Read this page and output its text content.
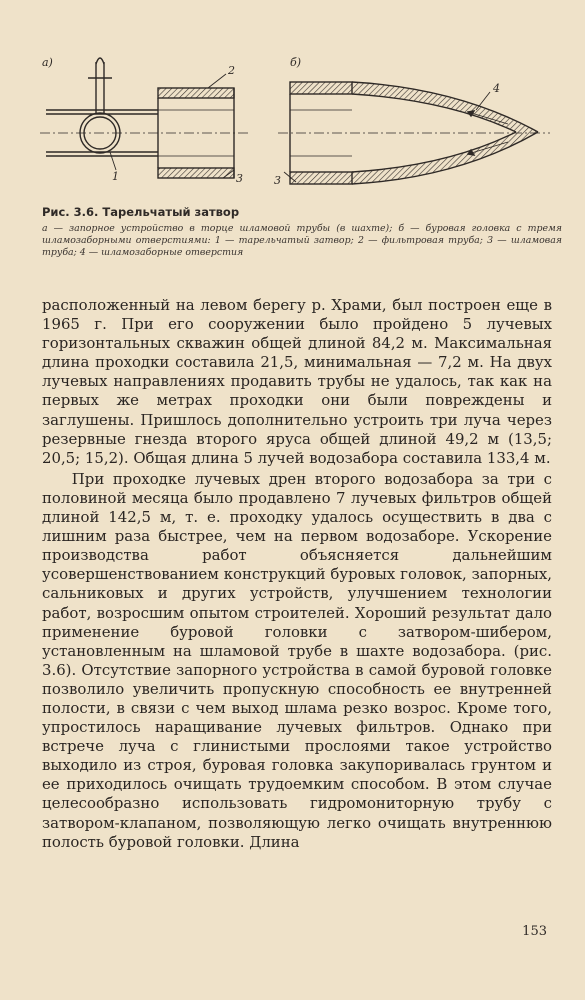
а)	б)
2
1	3	3
4
Рис. 3.6. Тарельчатый затвор

а — запорное устройство в торце шламовой трубы (в шахте); б — буровая головка с тремя шламозаборными отверстиями: 1 — тарельчатый затвор; 2 — фильтровая труба; 3 — шламовая труба; 4 — шламозаборные отверстия

расположенный на левом берегу р. Храми, был построен еще в 1965 г. При его сооружении было пройдено 5 лучевых горизонтальных скважин общей длиной 84,2 м. Максимальная длина проходки составила 21,5, минимальная — 7,2 м. На двух лучевых направлениях продавить трубы не удалось, так как на первых же метрах проходки они были повреждены и заглушены. Пришлось дополнительно устроить три луча через резервные гнезда второго яруса общей длиной 49,2 м (13,5; 20,5; 15,2). Общая длина 5 лучей водозабора составила 133,4 м.

При проходке лучевых дрен второго водозабора за три с половиной месяца было продавлено 7 лучевых фильтров общей длиной 142,5 м, т. е. проходку удалось осуществить в два с лишним раза быстрее, чем на первом водозаборе. Ускорение производства работ объясняется дальнейшим усовершенствованием конструкций буровых головок, запорных, сальниковых и других устройств, улучшением технологии работ, возросшим опытом строителей. Хороший результат дало применение буровой головки с затвором-шибером, установленным на шламовой трубе в шахте водозабора. (рис. 3.6). Отсутствие запорного устройства в самой буровой головке позволило увеличить пропускную способность ее внутренней полости, в связи с чем выход шлама резко возрос. Кроме того, упростилось наращивание лучевых фильтров. Однако при встрече луча с глинистыми прослоями такое устройство выходило из строя, буровая головка закупоривалась грунтом и ее приходилось очищать трудоемким способом. В этом случае целесообразно использовать гидромониторную трубу с затвором-клапаном, позволяющую легко очищать внутреннюю полость буровой головки. Длина

153
